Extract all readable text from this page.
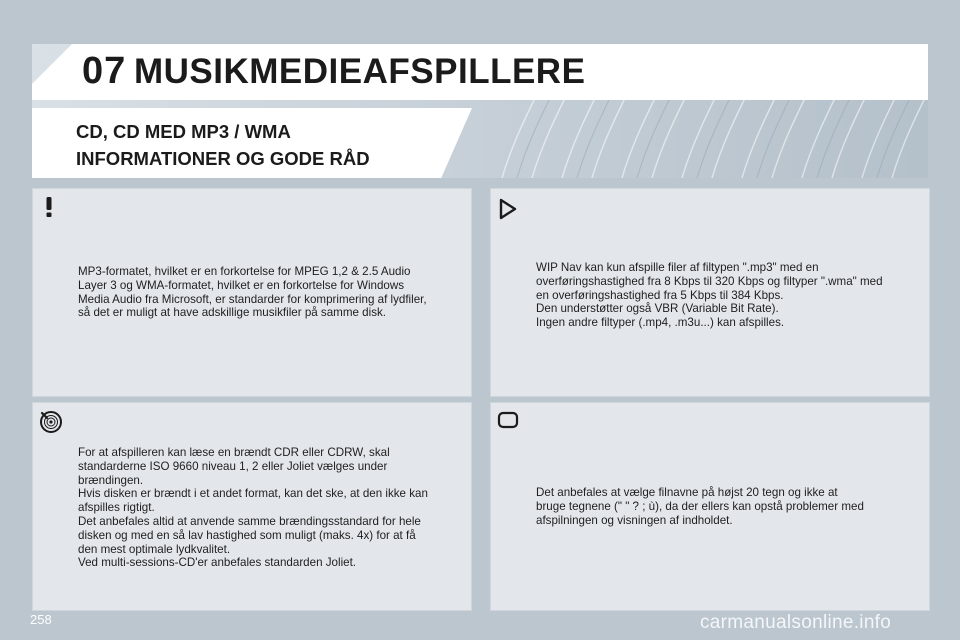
07 MUSIKMEDIEAFSPILLERE
CD, CD MED MP3 / WMA
INFORMATIONER OG GODE RÅD
MP3-formatet, hvilket er en forkortelse for MPEG 1,2 & 2.5 Audio
Layer 3 og WMA-formatet, hvilket er en forkortelse for Windows
Media Audio fra Microsoft, er standarder for komprimering af lydfiler,
så det er muligt at have adskillige musikfiler på samme disk.
WIP Nav kan kun afspille filer af filtypen ".mp3" med en
overføringshastighed fra 8 Kbps til 320 Kbps og filtyper ".wma" med
en overføringshastighed fra 5 Kbps til 384 Kbps.
Den understøtter også VBR (Variable Bit Rate).
Ingen andre filtyper (.mp4, .m3u...) kan afspilles.
For at afspilleren kan læse en brændt CDR eller CDRW, skal
standarderne ISO 9660 niveau 1, 2 eller Joliet vælges under
brændingen.
Hvis disken er brændt i et andet format, kan det ske, at den ikke kan
afspilles rigtigt.
Det anbefales altid at anvende samme brændingsstandard for hele
disken og med en så lav hastighed som muligt (maks. 4x) for at få
den mest optimale lydkvalitet.
Ved multi-sessions-CD'er anbefales standarden Joliet.
Det anbefales at vælge filnavne på højst 20 tegn og ikke at
bruge tegnene (" " ? ; ù), da der ellers kan opstå problemer med
afspilningen og visningen af indholdet.
258	carmanualsonline.info
